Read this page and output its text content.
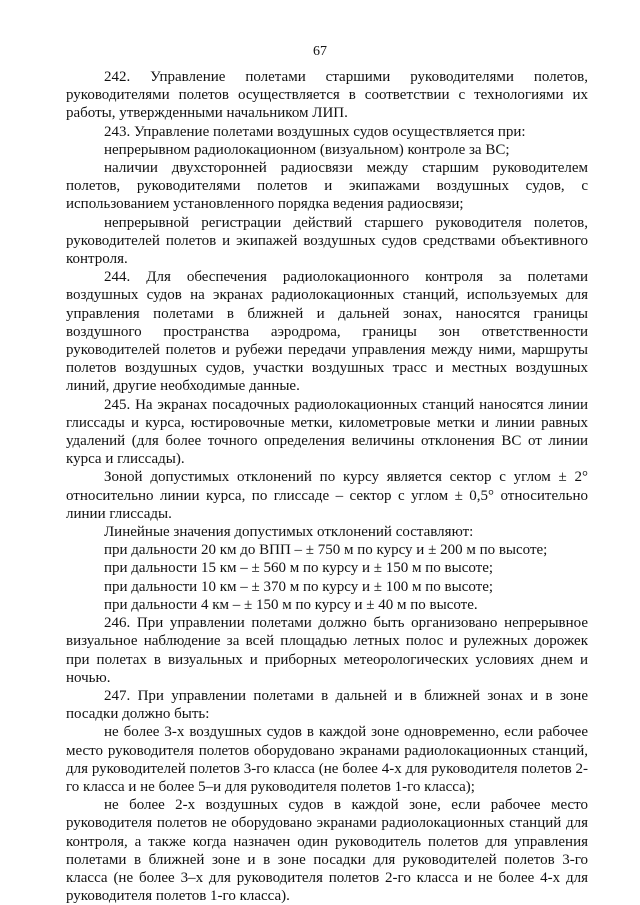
67

242. Управление полетами старшими руководителями полетов, руководителями полетов осуществляется в соответствии с технологиями их работы, утвержденными начальником ЛИП.

243. Управление полетами воздушных судов осуществляется при:

непрерывном радиолокационном (визуальном) контроле за ВС;

наличии двухсторонней радиосвязи между старшим руководителем полетов, руководителями полетов и экипажами воздушных судов, с использованием установленного порядка ведения радиосвязи;

непрерывной регистрации действий старшего руководителя полетов, руководителей полетов и экипажей воздушных судов средствами объективного контроля.

244. Для обеспечения радиолокационного контроля за полетами воздушных судов на экранах радиолокационных станций, используемых для управления полетами в ближней и дальней зонах, наносятся границы воздушного пространства аэродрома, границы зон ответственности руководителей полетов и рубежи передачи управления между ними, маршруты полетов воздушных судов, участки воздушных трасс и местных воздушных линий, другие необходимые данные.

245. На экранах посадочных радиолокационных станций наносятся линии глиссады и курса, юстировочные метки, километровые метки и линии равных удалений (для более точного определения величины отклонения ВС от линии курса и глиссады).

Зоной допустимых отклонений по курсу является сектор с углом ± 2° относительно линии курса, по глиссаде – сектор с углом ± 0,5° относительно линии глиссады.

Линейные значения допустимых отклонений составляют:

при дальности 20 км до ВПП – ± 750 м по курсу и ± 200 м по высоте;

при дальности 15 км – ± 560 м по курсу и ± 150 м по высоте;

при дальности 10 км – ± 370 м по курсу и ± 100 м по высоте;

при дальности 4 км – ± 150 м по курсу и ± 40 м по высоте.

246. При управлении полетами должно быть организовано непрерывное визуальное наблюдение за всей площадью летных полос и рулежных дорожек при полетах в визуальных и приборных метеорологических условиях днем и ночью.

247. При управлении полетами в дальней и в ближней зонах и в зоне посадки должно быть:

не более 3-х воздушных судов в каждой зоне одновременно, если рабочее место руководителя полетов оборудовано экранами радиолокационных станций, для руководителей полетов 3-го класса (не более 4-х для руководителя полетов 2-го класса и не более 5–и для руководителя полетов 1-го класса);

не более 2-х воздушных судов в каждой зоне, если рабочее место руководителя полетов не оборудовано экранами радиолокационных станций для контроля, а также когда назначен один руководитель полетов для управления полетами в ближней зоне и в зоне посадки для руководителей полетов 3-го класса (не более 3–х для руководителя полетов 2-го класса и не более 4-х для руководителя полетов 1-го класса).
